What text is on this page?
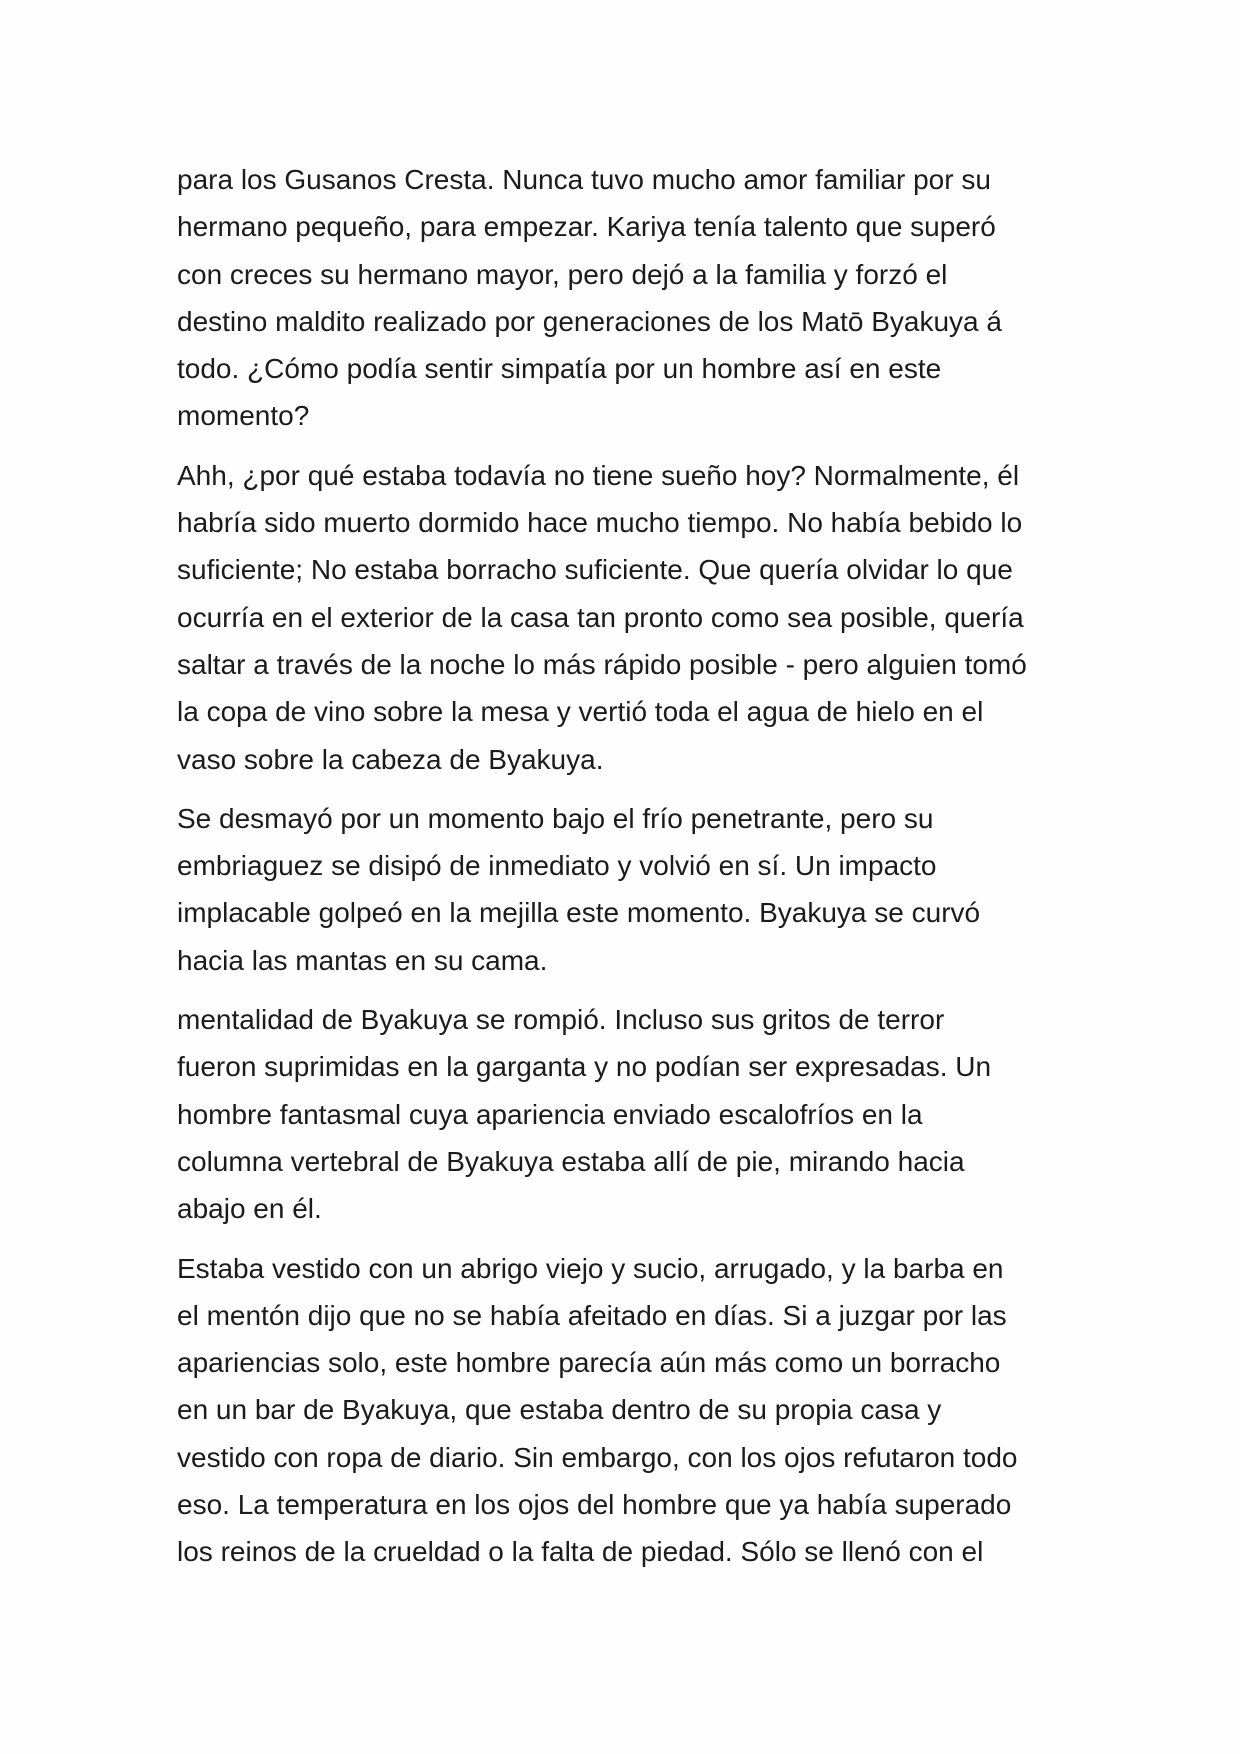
para los Gusanos Cresta. Nunca tuvo mucho amor familiar por su
hermano pequeño, para empezar. Kariya tenía talento que superó
con creces su hermano mayor, pero dejó a la familia y forzó el
destino maldito realizado por generaciones de los Matō Byakuya á
todo. ¿Cómo podía sentir simpatía por un hombre así en este
momento?
Ahh, ¿por qué estaba todavía no tiene sueño hoy? Normalmente, él
habría sido muerto dormido hace mucho tiempo. No había bebido lo
suficiente; No estaba borracho suficiente. Que quería olvidar lo que
ocurría en el exterior de la casa tan pronto como sea posible, quería
saltar a través de la noche lo más rápido posible - pero alguien tomó
la copa de vino sobre la mesa y vertió toda el agua de hielo en el
vaso sobre la cabeza de Byakuya.
Se desmayó por un momento bajo el frío penetrante, pero su
embriaguez se disipó de inmediato y volvió en sí. Un impacto
implacable golpeó en la mejilla este momento. Byakuya se curvó
hacia las mantas en su cama.
mentalidad de Byakuya se rompió. Incluso sus gritos de terror
fueron suprimidas en la garganta y no podían ser expresadas. Un
hombre fantasmal cuya apariencia enviado escalofríos en la
columna vertebral de Byakuya estaba allí de pie, mirando hacia
abajo en él.
Estaba vestido con un abrigo viejo y sucio, arrugado, y la barba en
el mentón dijo que no se había afeitado en días. Si a juzgar por las
apariencias solo, este hombre parecía aún más como un borracho
en un bar de Byakuya, que estaba dentro de su propia casa y
vestido con ropa de diario. Sin embargo, con los ojos refutaron todo
eso. La temperatura en los ojos del hombre que ya había superado
los reinos de la crueldad o la falta de piedad. Sólo se llenó con el
